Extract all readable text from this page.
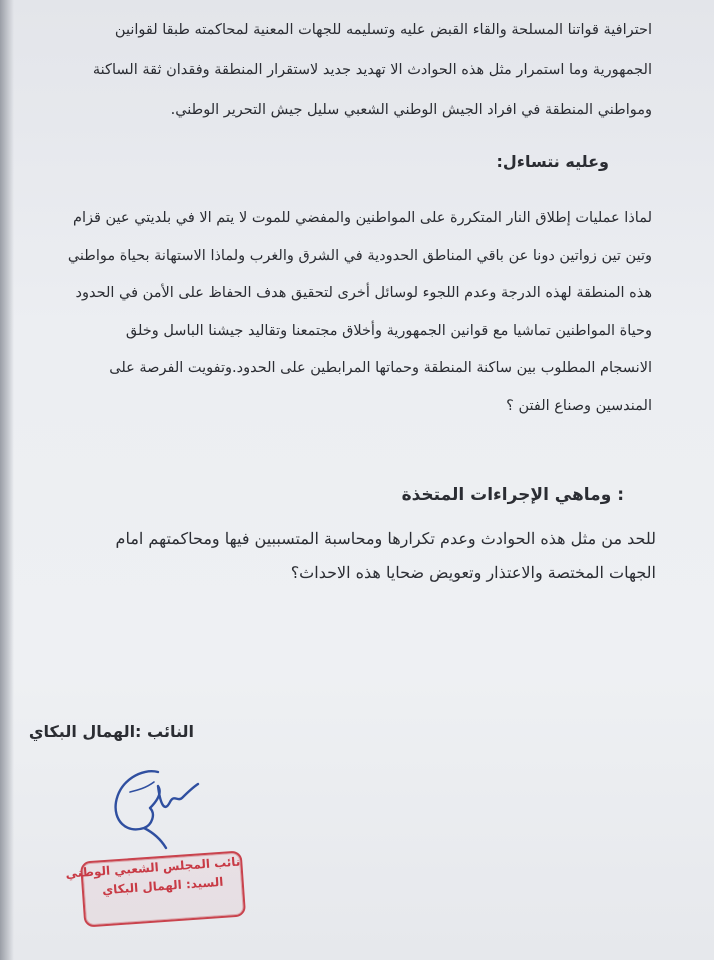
احترافية قواتنا المسلحة والقاء القبض عليه وتسليمه للجهات المعنية لمحاكمته طبقا لقوانين
الجمهورية وما استمرار مثل هذه الحوادث الا تهديد جديد لاستقرار المنطقة وفقدان ثقة الساكنة
ومواطني المنطقة في افراد الجيش الوطني الشعبي سليل جيش التحرير الوطني.
وعليه نتساءل:
لماذا عمليات إطلاق النار المتكررة على المواطنين والمفضي للموت لا يتم الا في بلديتي عين قزام
وتين تين زواتين دونا عن باقي المناطق الحدودية في الشرق والغرب ولماذا الاستهانة بحياة مواطني
هذه المنطقة لهذه الدرجة وعدم اللجوء لوسائل أخرى لتحقيق هدف الحفاظ على الأمن في الحدود
وحياة المواطنين تماشيا مع قوانين الجمهورية وأخلاق مجتمعنا وتقاليد جيشنا الباسل وخلق
الانسجام المطلوب بين ساكنة المنطقة وحماتها المرابطين على الحدود.وتفويت الفرصة على
المندسين وصناع الفتن ؟
: وماهي الإجراءات المتخذة
للحد من مثل هذه الحوادث وعدم تكرارها ومحاسبة المتسببين فيها ومحاكمتهم امام
الجهات المختصة والاعتذار وتعويض ضحايا هذه الاحداث؟
النائب :الهمال البكاي
نائب المجلس الشعبي الوطني
السيد: الهمال البكاي
